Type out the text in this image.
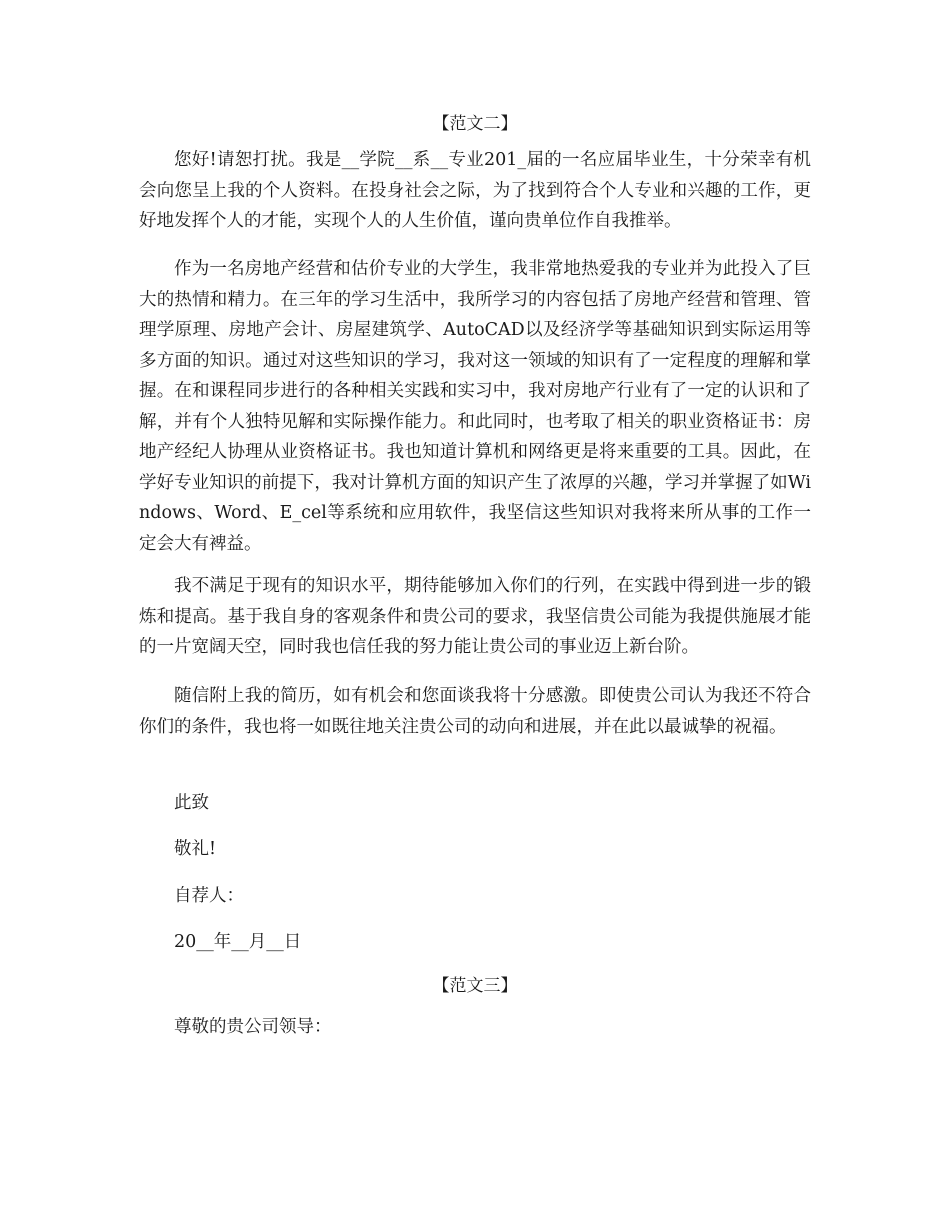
【范文二】

您好!请恕打扰。我是__学院__系__专业201_届的一名应届毕业生，十分荣幸有机会向您呈上我的个人资料。在投身社会之际，为了找到符合个人专业和兴趣的工作，更好地发挥个人的才能，实现个人的人生价值，谨向贵单位作自我推举。

作为一名房地产经营和估价专业的大学生，我非常地热爱我的专业并为此投入了巨大的热情和精力。在三年的学习生活中，我所学习的内容包括了房地产经营和管理、管理学原理、房地产会计、房屋建筑学、AutoCAD以及经济学等基础知识到实际运用等多方面的知识。通过对这些知识的学习，我对这一领域的知识有了一定程度的理解和掌握。在和课程同步进行的各种相关实践和实习中，我对房地产行业有了一定的认识和了解，并有个人独特见解和实际操作能力。和此同时，也考取了相关的职业资格证书：房地产经纪人协理从业资格证书。我也知道计算机和网络更是将来重要的工具。因此，在学好专业知识的前提下，我对计算机方面的知识产生了浓厚的兴趣，学习并掌握了如Windows、Word、E_cel等系统和应用软件，我坚信这些知识对我将来所从事的工作一定会大有裨益。

我不满足于现有的知识水平，期待能够加入你们的行列，在实践中得到进一步的锻炼和提高。基于我自身的客观条件和贵公司的要求，我坚信贵公司能为我提供施展才能的一片宽阔天空，同时我也信任我的努力能让贵公司的事业迈上新台阶。

随信附上我的简历，如有机会和您面谈我将十分感激。即使贵公司认为我还不符合你们的条件，我也将一如既往地关注贵公司的动向和进展，并在此以最诚挚的祝福。

此致
敬礼!
自荐人：
20__年__月__日
【范文三】
尊敬的贵公司领导：
